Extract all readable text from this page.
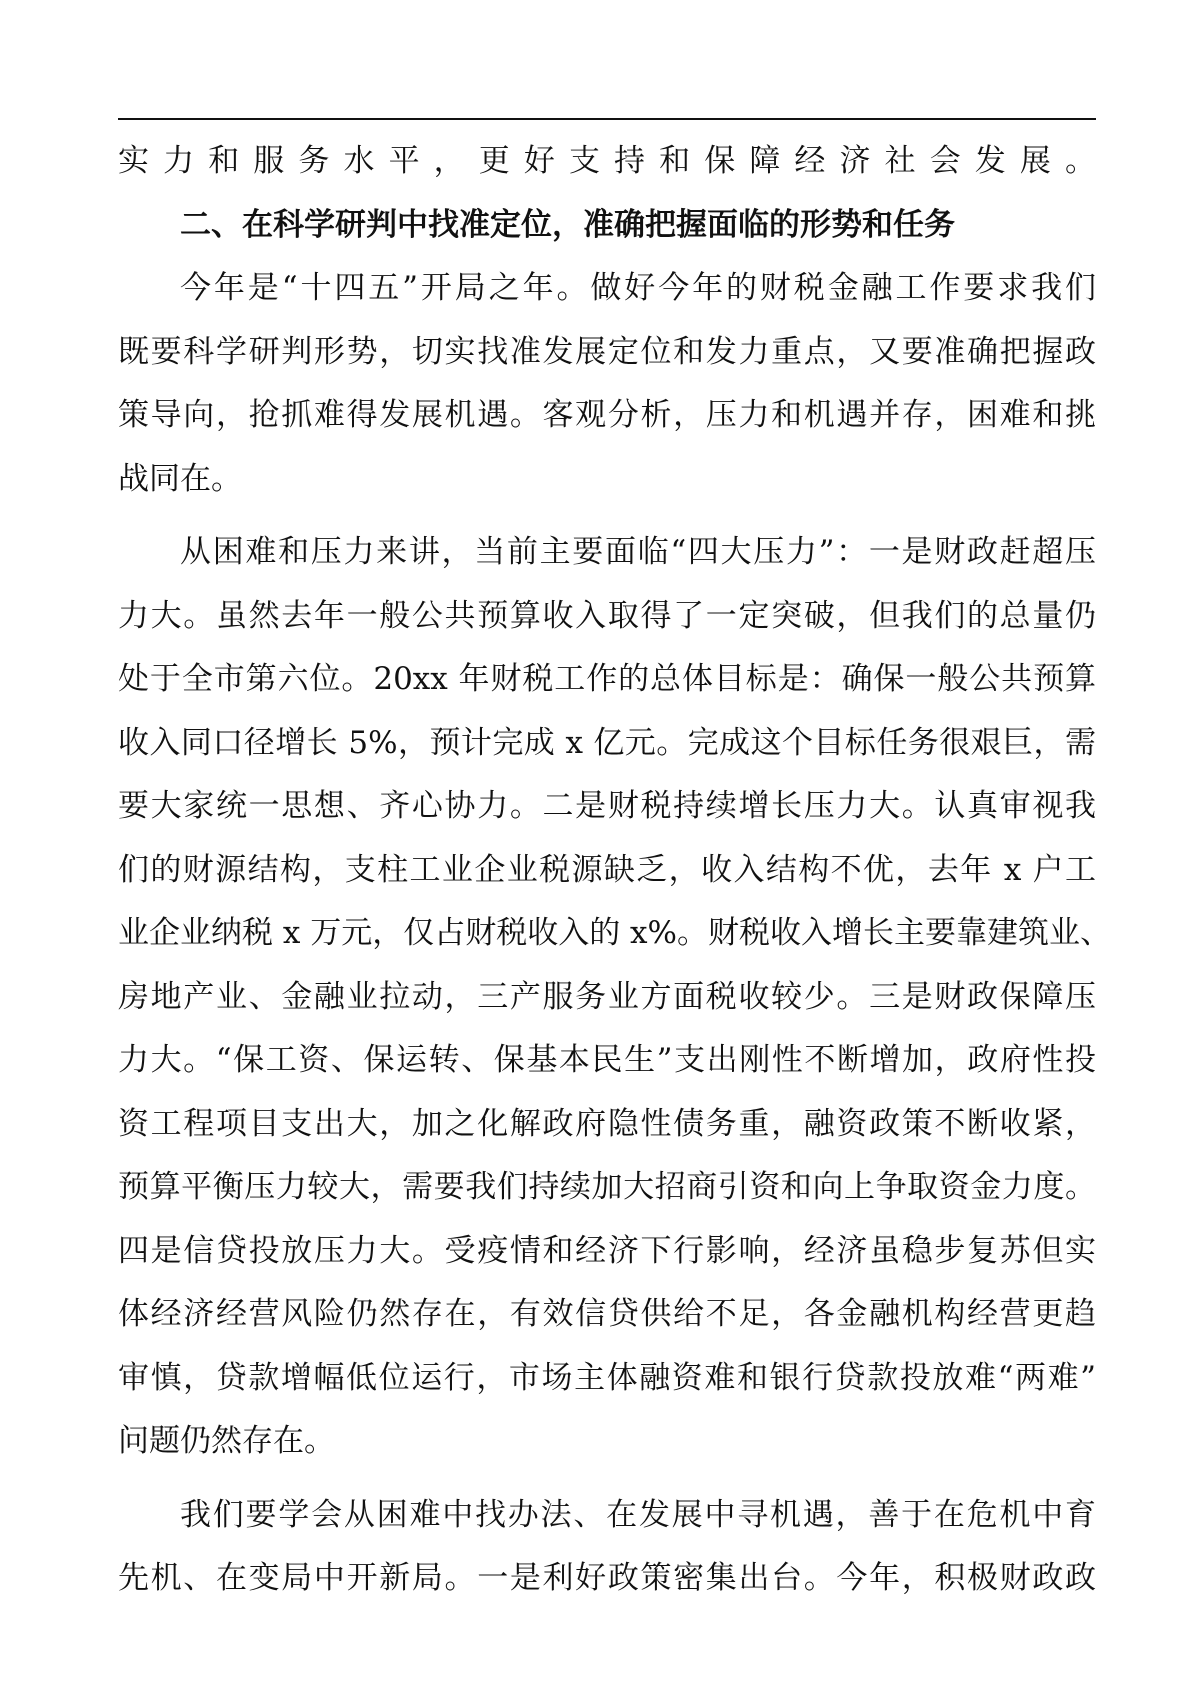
实力和服务水平，更好支持和保障经济社会发展。
二、在科学研判中找准定位，准确把握面临的形势和任务
今年是“十四五”开局之年。做好今年的财税金融工作要求我们
既要科学研判形势，切实找准发展定位和发力重点，又要准确把握政
策导向，抢抓难得发展机遇。客观分析，压力和机遇并存，困难和挑
战同在。
从困难和压力来讲，当前主要面临“四大压力”：一是财政赶超压
力大。虽然去年一般公共预算收入取得了一定突破，但我们的总量仍
处于全市第六位。20xx 年财税工作的总体目标是：确保一般公共预算
收入同口径增长 5%，预计完成 x 亿元。完成这个目标任务很艰巨，需
要大家统一思想、齐心协力。二是财税持续增长压力大。认真审视我
们的财源结构，支柱工业企业税源缺乏，收入结构不优，去年 x 户工
业企业纳税 x 万元，仅占财税收入的 x%。财税收入增长主要靠建筑业、
房地产业、金融业拉动，三产服务业方面税收较少。三是财政保障压
力大。“保工资、保运转、保基本民生”支出刚性不断增加，政府性投
资工程项目支出大，加之化解政府隐性债务重，融资政策不断收紧，
预算平衡压力较大，需要我们持续加大招商引资和向上争取资金力度。
四是信贷投放压力大。受疫情和经济下行影响，经济虽稳步复苏但实
体经济经营风险仍然存在，有效信贷供给不足，各金融机构经营更趋
审慎，贷款增幅低位运行，市场主体融资难和银行贷款投放难“两难”
问题仍然存在。
我们要学会从困难中找办法、在发展中寻机遇，善于在危机中育
先机、在变局中开新局。一是利好政策密集出台。今年，积极财政政
